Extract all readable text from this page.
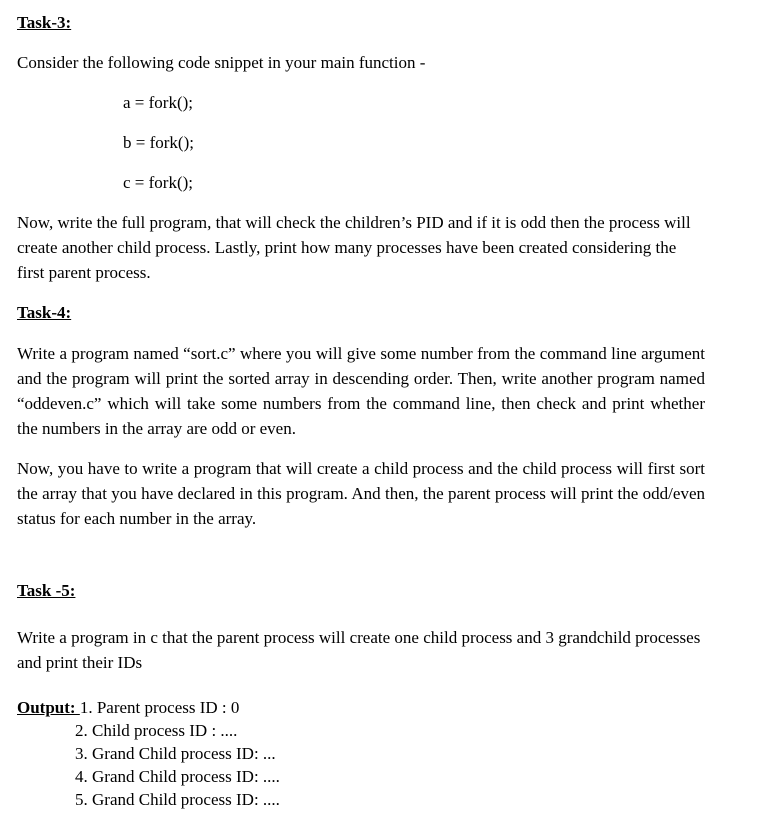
Task-3:

Consider the following code snippet in your main function -

a = fork();
b = fork();
c = fork();

Now, write the full program, that will check the children’s PID and if it is odd then the process will create another child process. Lastly, print how many processes have been created considering the first parent process.

Task-4:

Write a program named “sort.c” where you will give some number from the command line argument and the program will print the sorted array in descending order. Then, write another program named “oddeven.c” which will take some numbers from the command line, then check and print whether the numbers in the array are odd or even.

Now, you have to write a program that will create a child process and the child process will first sort the array that you have declared in this program. And then, the parent process will print the odd/even status for each number in the array.

Task -5:

Write a program in c that the parent process will create one child process and 3 grandchild processes and print their IDs

Output: 1. Parent process ID : 0
2. Child process ID : ....
3. Grand Child process ID: ...
4. Grand Child process ID: ....
5. Grand Child process ID: ....
